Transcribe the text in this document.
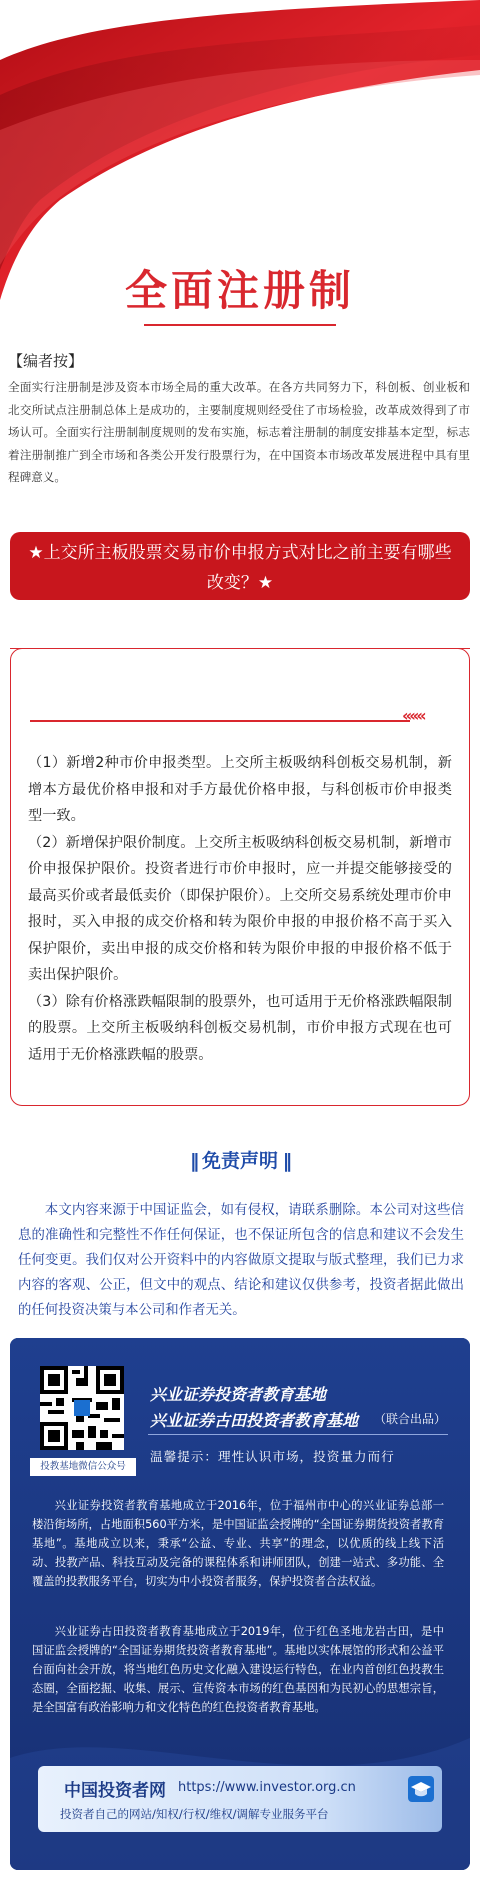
全面注册制
【编者按】
全面实行注册制是涉及资本市场全局的重大改革。在各方共同努力下，科创板、创业板和北交所试点注册制总体上是成功的，主要制度规则经受住了市场检验，改革成效得到了市场认可。全面实行注册制制度规则的发布实施，标志着注册制的制度安排基本定型，标志着注册制推广到全市场和各类公开发行股票行为，在中国资本市场改革发展进程中具有里程碑意义。
★上交所主板股票交易市价申报方式对比之前主要有哪些改变？★
‹‹‹‹‹‹

（1）新增2种市价申报类型。上交所主板吸纳科创板交易机制，新增本方最优价格申报和对手方最优价格申报，与科创板市价申报类型一致。

（2）新增保护限价制度。上交所主板吸纳科创板交易机制，新增市价申报保护限价。投资者进行市价申报时，应一并提交能够接受的最高买价或者最低卖价（即保护限价）。上交所交易系统处理市价申报时，买入申报的成交价格和转为限价申报的申报价格不高于买入保护限价，卖出申报的成交价格和转为限价申报的申报价格不低于卖出保护限价。

（3）除有价格涨跌幅限制的股票外，也可适用于无价格涨跌幅限制的股票。上交所主板吸纳科创板交易机制，市价申报方式现在也可适用于无价格涨跌幅的股票。

‖ 免责声明 ‖
本文内容来源于中国证监会，如有侵权，请联系删除。本公司对这些信息的准确性和完整性不作任何保证，也不保证所包含的信息和建议不会发生任何变更。我们仅对公开资料中的内容做原文提取与版式整理，我们已力求内容的客观、公正，但文中的观点、结论和建议仅供参考，投资者据此做出的任何投资决策与本公司和作者无关。
投教基地微信公众号
兴业证券投资者教育基地
兴业证券古田投资者教育基地 （联合出品）
温馨提示：理性认识市场，投资量力而行
兴业证券投资者教育基地成立于2016年，位于福州市中心的兴业证券总部一楼沿街场所，占地面积560平方米，是中国证监会授牌的“全国证券期货投资者教育基地”。基地成立以来，秉承“公益、专业、共享”的理念，以优质的线上线下活动、投教产品、科技互动及完备的课程体系和讲师团队，创建一站式、多功能、全覆盖的投教服务平台，切实为中小投资者服务，保护投资者合法权益。
兴业证券古田投资者教育基地成立于2019年，位于红色圣地龙岩古田，是中国证监会授牌的“全国证券期货投资者教育基地”。基地以实体展馆的形式和公益平台面向社会开放，将当地红色历史文化融入建设运行特色，在业内首创红色投教生态圈，全面挖掘、收集、展示、宣传资本市场的红色基因和为民初心的思想宗旨，是全国富有政治影响力和文化特色的红色投资者教育基地。
中国投资者网 https://www.investor.org.cn
投资者自己的网站/知权/行权/维权/调解专业服务平台
